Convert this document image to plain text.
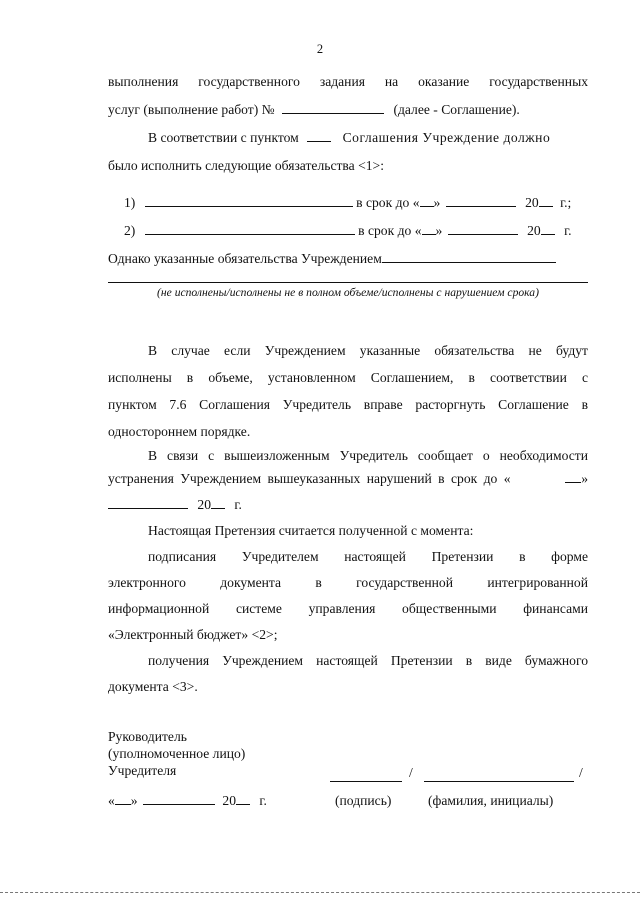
2
выполнения государственного задания на оказание государственных
услуг (выполнение работ) №	(далее - Соглашение).
В соответствии с пунктом	Соглашения Учреждение должно
было исполнить следующие обязательства <1>:
1)	в срок до « »	20 г.;
2)	в срок до « »	20 г.
Однако указанные обязательства Учреждением
(не исполнены/исполнены не в полном объеме/исполнены с нарушением срока)
В случае если Учреждением указанные обязательства не будут
исполнены в объеме, установленном Соглашением, в соответствии с
пунктом 7.6 Соглашения Учредитель вправе расторгнуть Соглашение в
одностороннем порядке.
В связи с вышеизложенным Учредитель сообщает о необходимости
устранения Учреждением вышеуказанных нарушений в срок до «	»
20 г.
Настоящая Претензия считается полученной с момента:
подписания Учредителем настоящей Претензии в форме
электронного документа в государственной интегрированной
информационной системе управления общественными финансами
«Электронный бюджет» <2>;
получения Учреждением настоящей Претензии в виде бумажного
документа <3>.
Руководитель
(уполномоченное лицо)
Учредителя	/	/
« »	20 г.	(подпись)	(фамилия, инициалы)
